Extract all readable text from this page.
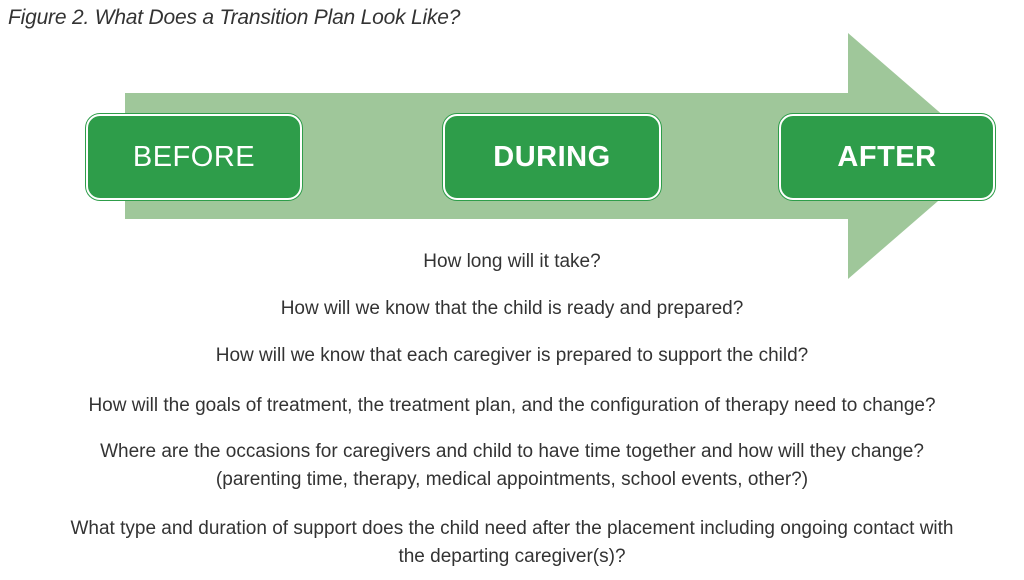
Figure 2. What Does a Transition Plan Look Like?
BEFORE	DURING	AFTER
How long will it take?
How will we know that the child is ready and prepared?
How will we know that each caregiver is prepared to support the child?
How will the goals of treatment, the treatment plan, and the configuration of therapy need to change?
Where are the occasions for caregivers and child to have time together and how will they change?
(parenting time, therapy, medical appointments, school events, other?)
What type and duration of support does the child need after the placement including ongoing contact with
the departing caregiver(s)?
